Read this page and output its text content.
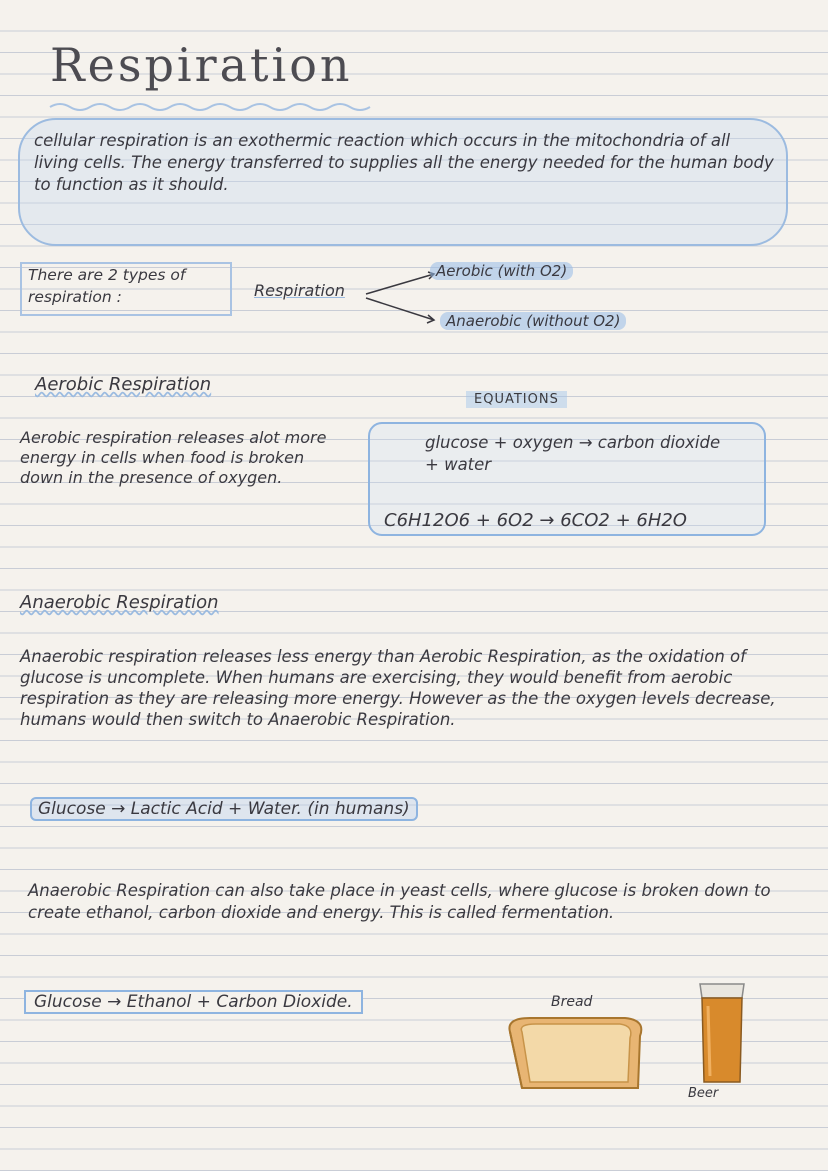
Respiration
cellular respiration is an exothermic reaction which occurs in the mitochondria of all living cells. The energy transferred to supplies all the energy needed for the human body to function as it should.
There are 2 types of respiration :	Respiration
Aerobic (with O2)
Anaerobic (without O2)
Aerobic Respiration
Aerobic respiration releases alot more energy in cells when food is broken down in the presence of oxygen.
EQUATIONS
glucose + oxygen → carbon dioxide + water
C6H12O6 + 6O2 → 6CO2 + 6H2O
Anaerobic Respiration
Anaerobic respiration releases less energy than Aerobic Respiration, as the oxidation of glucose is uncomplete. When humans are exercising, they would benefit from aerobic respiration as they are releasing more energy. However as the the oxygen levels decrease, humans would then switch to Anaerobic Respiration.
Glucose → Lactic Acid + Water. (in humans)
Anaerobic Respiration can also take place in yeast cells, where glucose is broken down to create ethanol, carbon dioxide and energy. This is called fermentation.
Glucose → Ethanol + Carbon Dioxide.	Bread
Beer
